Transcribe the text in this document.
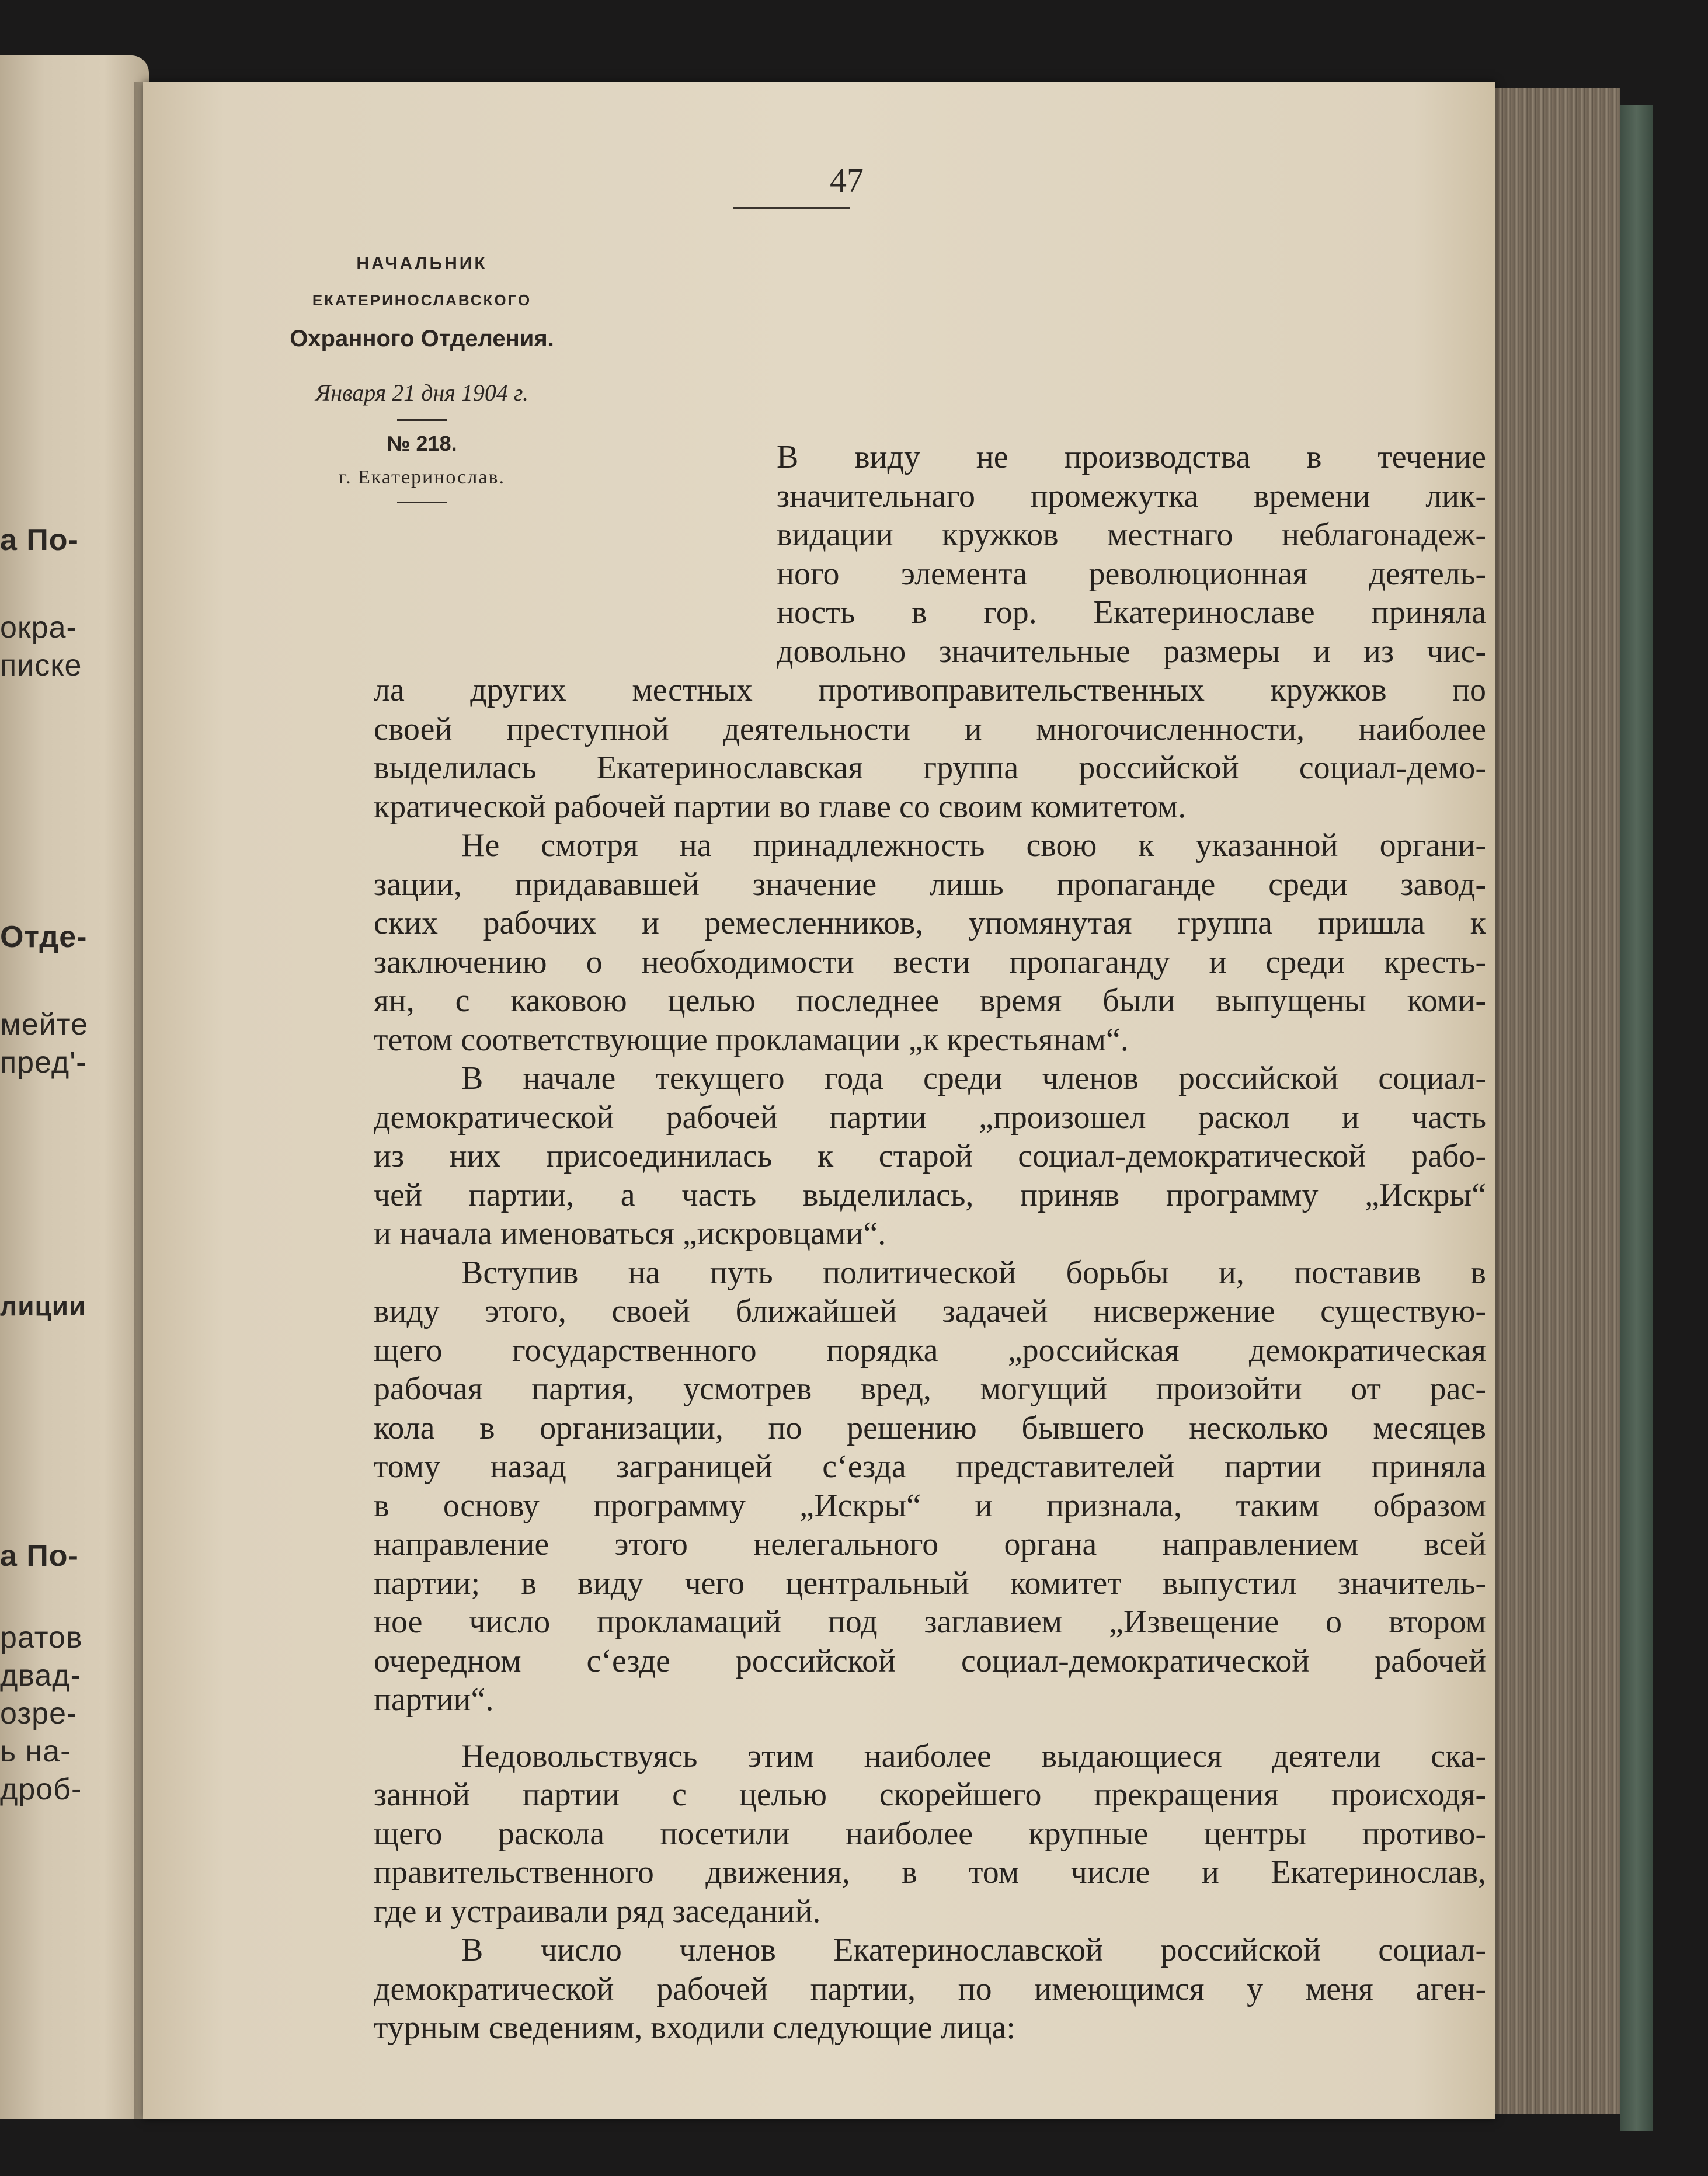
а По-

окра-

писке

Отде-

мейте

пред'-

лиции

а По-

ратов

двад-

озре-

ь на-

дроб-

47

НАЧАЛЬНИК

ЕКАТЕРИНОСЛАВСКОГО

Охранного Отделения.

Января 21 дня 1904 г.

№ 218.

г. Екатеринослав.

В виду не производства в течение

значительнаго промежутка времени лик-

видации кружков местнаго неблагонадеж-

ного элемента революционная деятель-

ность в гор. Екатеринославе приняла

довольно значительные размеры и из чис-

ла других местных противоправительственных кружков по

своей преступной деятельности и многочисленности, наиболее

выделилась Екатеринославская группа российской социал-демо-

кратической рабочей партии во главе со своим комитетом.

Не смотря на принадлежность свою к указанной органи-

зации, придававшей значение лишь пропаганде среди завод-

ских рабочих и ремесленников, упомянутая группа пришла к

заключению о необходимости вести пропаганду и среди кресть-

ян, с каковою целью последнее время были выпущены коми-

тетом соответствующие прокламации „к крестьянам“.

В начале текущего года среди членов российской социал-

демократической рабочей партии „произошел раскол и часть

из них присоединилась к старой социал-демократической рабо-

чей партии, а часть выделилась, приняв программу „Искры“

и начала именоваться „искровцами“.

Вступив на путь политической борьбы и, поставив в

виду этого, своей ближайшей задачей нисвержение существую-

щего государственного порядка „российская демократическая

рабочая партия, усмотрев вред, могущий произойти от рас-

кола в организации, по решению бывшего несколько месяцев

тому назад заграницей с‘езда представителей партии приняла

в основу программу „Искры“ и признала, таким образом

направление этого нелегального органа направлением всей

партии; в виду чего центральный комитет выпустил значитель-

ное число прокламаций под заглавием „Извещение о втором

очередном с‘езде российской социал-демократической рабочей

партии“.

Недовольствуясь этим наиболее выдающиеся деятели ска-

занной партии с целью скорейшего прекращения происходя-

щего раскола посетили наиболее крупные центры противо-

правительственного движения, в том числе и Екатеринослав,

где и устраивали ряд заседаний.

В число членов Екатеринославской российской социал-

демократической рабочей партии, по имеющимся у меня аген-

турным сведениям, входили следующие лица:
